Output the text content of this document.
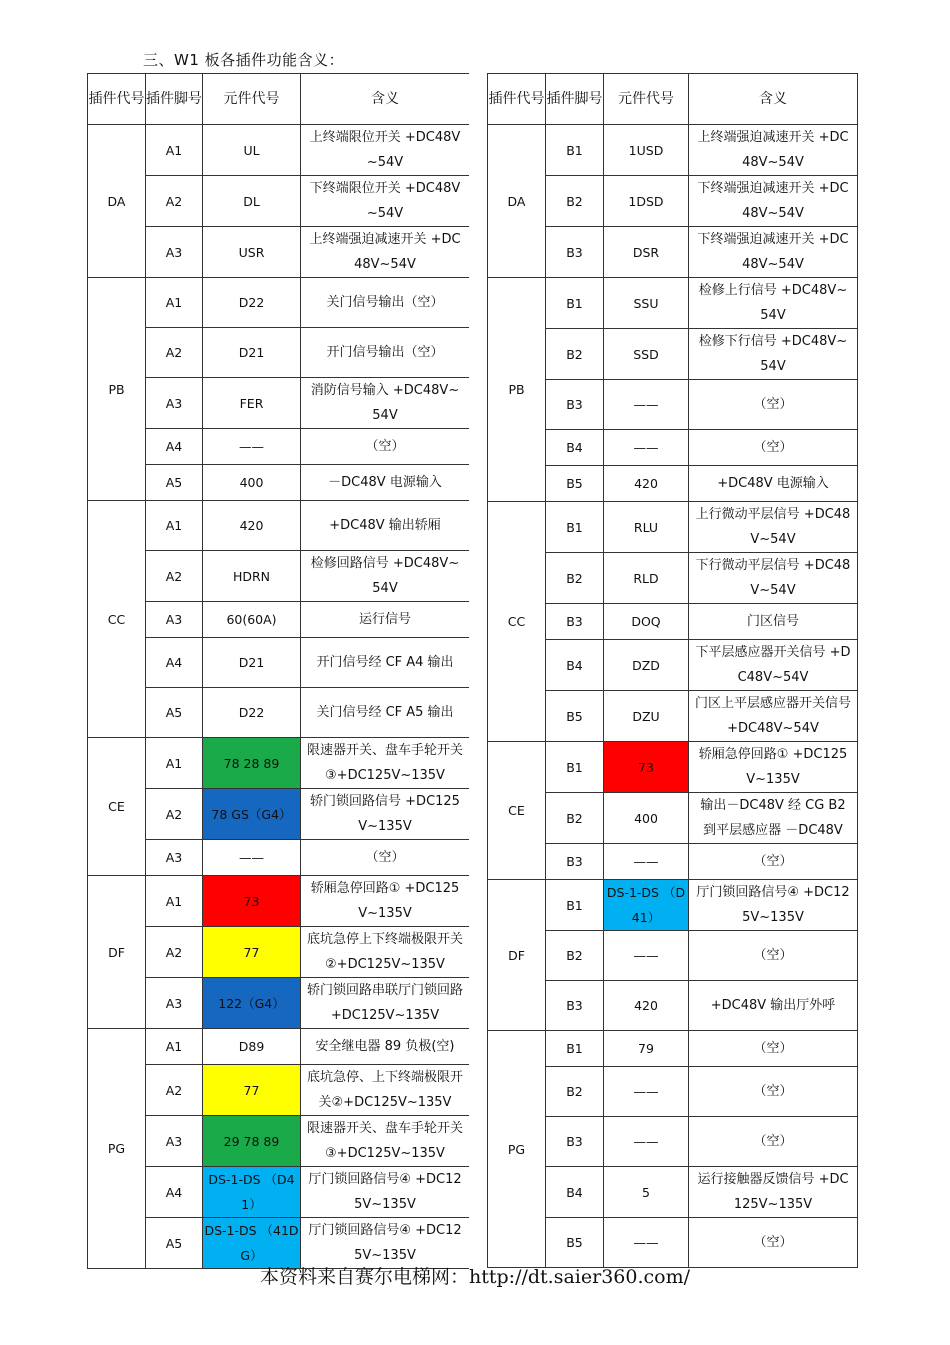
三、W1 板各插件功能含义：
插件代号	插件脚号	元件代号	含义
DA	A1	UL	上终端限位开关 +DC48V~54V
	A2	DL	下终端限位开关 +DC48V~54V
	A3	USR	上终端强迫减速开关 +DC48V~54V
PB	A1	D22	关门信号输出（空）
	A2	D21	开门信号输出（空）
	A3	FER	消防信号输入 +DC48V~54V
	A4	——	（空）
	A5	400	－DC48V 电源输入
CC	A1	420	+DC48V 输出轿厢
	A2	HDRN	检修回路信号 +DC48V~54V
	A3	60(60A)	运行信号
	A4	D21	开门信号经 CF A4 输出
	A5	D22	关门信号经 CF A5 输出
CE	A1	78 28 89	限速器开关、盘车手轮开关③+DC125V~135V
	A2	78 GS（G4）	轿门锁回路信号 +DC125V~135V
	A3	——	（空）
DF	A1	73	轿厢急停回路① +DC125V~135V
	A2	77	底坑急停上下终端极限开关②+DC125V~135V
	A3	122（G4）	轿门锁回路串联厅门锁回路+DC125V~135V
PG	A1	D89	安全继电器 89 负极(空)
	A2	77	底坑急停、上下终端极限开关②+DC125V~135V
	A3	29 78 89	限速器开关、盘车手轮开关③+DC125V~135V
	A4	DS-1-DS （D41）	厅门锁回路信号④ +DC125V~135V
	A5	DS-1-DS （41DG）	厅门锁回路信号④ +DC125V~135V
插件代号	插件脚号	元件代号	含义
DA	B1	1USD	上终端强迫减速开关 +DC48V~54V
	B2	1DSD	下终端强迫减速开关 +DC48V~54V
	B3	DSR	下终端强迫减速开关 +DC48V~54V
PB	B1	SSU	检修上行信号 +DC48V~54V
	B2	SSD	检修下行信号 +DC48V~54V
	B3	——	（空）
	B4	——	（空）
	B5	420	+DC48V 电源输入
CC	B1	RLU	上行微动平层信号 +DC48V~54V
	B2	RLD	下行微动平层信号 +DC48V~54V
	B3	DOQ	门区信号
	B4	DZD	下平层感应器开关信号 +DC48V~54V
	B5	DZU	门区上平层感应器开关信号+DC48V~54V
CE	B1	73	轿厢急停回路① +DC125V~135V
	B2	400	输出－DC48V 经 CG B2 到平层感应器 －DC48V
	B3	——	（空）
DF	B1	DS-1-DS （D41）	厅门锁回路信号④ +DC125V~135V
	B2	——	（空）
	B3	420	+DC48V 输出厅外呼
PG	B1	79	（空）
	B2	——	（空）
	B3	——	（空）
	B4	5	运行接触器反馈信号 +DC125V~135V
	B5	——	（空）
本资料来自赛尔电梯网：http://dt.saier360.com/
